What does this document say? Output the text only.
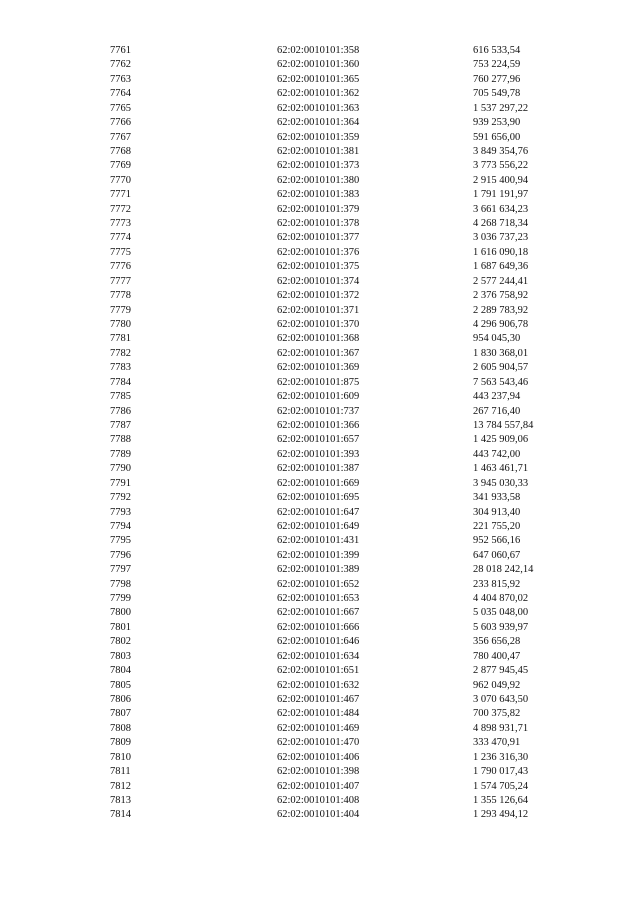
7761	62:02:0010101:358	616 533,54
7762	62:02:0010101:360	753 224,59
7763	62:02:0010101:365	760 277,96
7764	62:02:0010101:362	705 549,78
7765	62:02:0010101:363	1 537 297,22
7766	62:02:0010101:364	939 253,90
7767	62:02:0010101:359	591 656,00
7768	62:02:0010101:381	3 849 354,76
7769	62:02:0010101:373	3 773 556,22
7770	62:02:0010101:380	2 915 400,94
7771	62:02:0010101:383	1 791 191,97
7772	62:02:0010101:379	3 661 634,23
7773	62:02:0010101:378	4 268 718,34
7774	62:02:0010101:377	3 036 737,23
7775	62:02:0010101:376	1 616 090,18
7776	62:02:0010101:375	1 687 649,36
7777	62:02:0010101:374	2 577 244,41
7778	62:02:0010101:372	2 376 758,92
7779	62:02:0010101:371	2 289 783,92
7780	62:02:0010101:370	4 296 906,78
7781	62:02:0010101:368	954 045,30
7782	62:02:0010101:367	1 830 368,01
7783	62:02:0010101:369	2 605 904,57
7784	62:02:0010101:875	7 563 543,46
7785	62:02:0010101:609	443 237,94
7786	62:02:0010101:737	267 716,40
7787	62:02:0010101:366	13 784 557,84
7788	62:02:0010101:657	1 425 909,06
7789	62:02:0010101:393	443 742,00
7790	62:02:0010101:387	1 463 461,71
7791	62:02:0010101:669	3 945 030,33
7792	62:02:0010101:695	341 933,58
7793	62:02:0010101:647	304 913,40
7794	62:02:0010101:649	221 755,20
7795	62:02:0010101:431	952 566,16
7796	62:02:0010101:399	647 060,67
7797	62:02:0010101:389	28 018 242,14
7798	62:02:0010101:652	233 815,92
7799	62:02:0010101:653	4 404 870,02
7800	62:02:0010101:667	5 035 048,00
7801	62:02:0010101:666	5 603 939,97
7802	62:02:0010101:646	356 656,28
7803	62:02:0010101:634	780 400,47
7804	62:02:0010101:651	2 877 945,45
7805	62:02:0010101:632	962 049,92
7806	62:02:0010101:467	3 070 643,50
7807	62:02:0010101:484	700 375,82
7808	62:02:0010101:469	4 898 931,71
7809	62:02:0010101:470	333 470,91
7810	62:02:0010101:406	1 236 316,30
7811	62:02:0010101:398	1 790 017,43
7812	62:02:0010101:407	1 574 705,24
7813	62:02:0010101:408	1 355 126,64
7814	62:02:0010101:404	1 293 494,12
